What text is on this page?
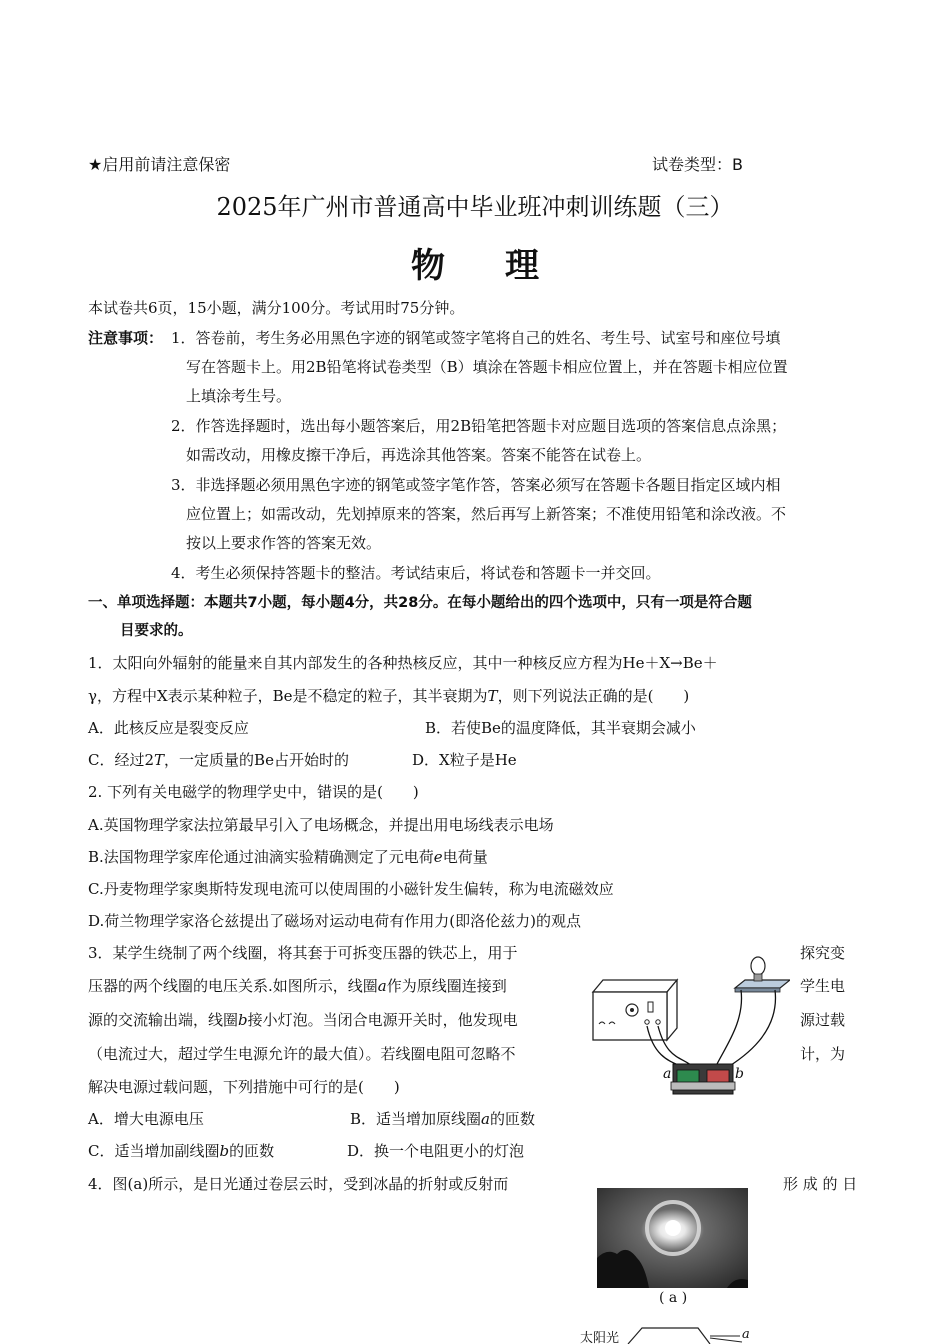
★启用前请注意保密	试卷类型：B
2025年广州市普通高中毕业班冲刺训练题（三）
物理
本试卷共6页，15小题，满分100分。考试用时75分钟。
注意事项： 1．答卷前，考生务必用黑色字迹的钢笔或签字笔将自己的姓名、考生号、试室号和座位号填
写在答题卡上。用2B铅笔将试卷类型（B）填涂在答题卡相应位置上，并在答题卡相应位置
上填涂考生号。
2．作答选择题时，选出每小题答案后，用2B铅笔把答题卡对应题目选项的答案信息点涂黑；
如需改动，用橡皮擦干净后，再选涂其他答案。答案不能答在试卷上。
3．非选择题必须用黑色字迹的钢笔或签字笔作答，答案必须写在答题卡各题目指定区域内相
应位置上；如需改动，先划掉原来的答案，然后再写上新答案；不准使用铅笔和涂改液。不
按以上要求作答的答案无效。
4．考生必须保持答题卡的整洁。考试结束后，将试卷和答题卡一并交回。
一、单项选择题：本题共7小题，每小题4分，共28分。在每小题给出的四个选项中，只有一项是符合题
目要求的。
1．太阳向外辐射的能量来自其内部发生的各种热核反应，其中一种核反应方程为He＋X→Be＋
γ，方程中X表示某种粒子，Be是不稳定的粒子，其半衰期为T，则下列说法正确的是(　　)
A．此核反应是裂变反应	B．若使Be的温度降低，其半衰期会减小
C．经过2T，一定质量的Be占开始时的	D．X粒子是He
2. 下列有关电磁学的物理学史中，错误的是(　　)
A.英国物理学家法拉第最早引入了电场概念，并提出用电场线表示电场
B.法国物理学家库伦通过油滴实验精确测定了元电荷e电荷量
C.丹麦物理学家奥斯特发现电流可以使周围的小磁针发生偏转，称为电流磁效应
D.荷兰物理学家洛仑兹提出了磁场对运动电荷有作用力(即洛伦兹力)的观点
3．某学生绕制了两个线圈，将其套于可拆变压器的铁芯上，用于	探究变
压器的两个线圈的电压关系.如图所示，线圈a作为原线圈连接到	学生电
源的交流输出端，线圈b接小灯泡。当闭合电源开关时，他发现电	源过载
（电流过大，超过学生电源允许的最大值）。若线圈电阻可忽略不	计，为
解决电源过载问题，下列措施中可行的是(　　)
A．增大电源电压	B．适当增加原线圈a的匝数
C．适当增加副线圈b的匝数	D．换一个电阻更小的灯泡
a	b
4．图(a)所示，是日光通过卷层云时，受到冰晶的折射或反射而	形 成 的 日
( a )
太阳光	a
